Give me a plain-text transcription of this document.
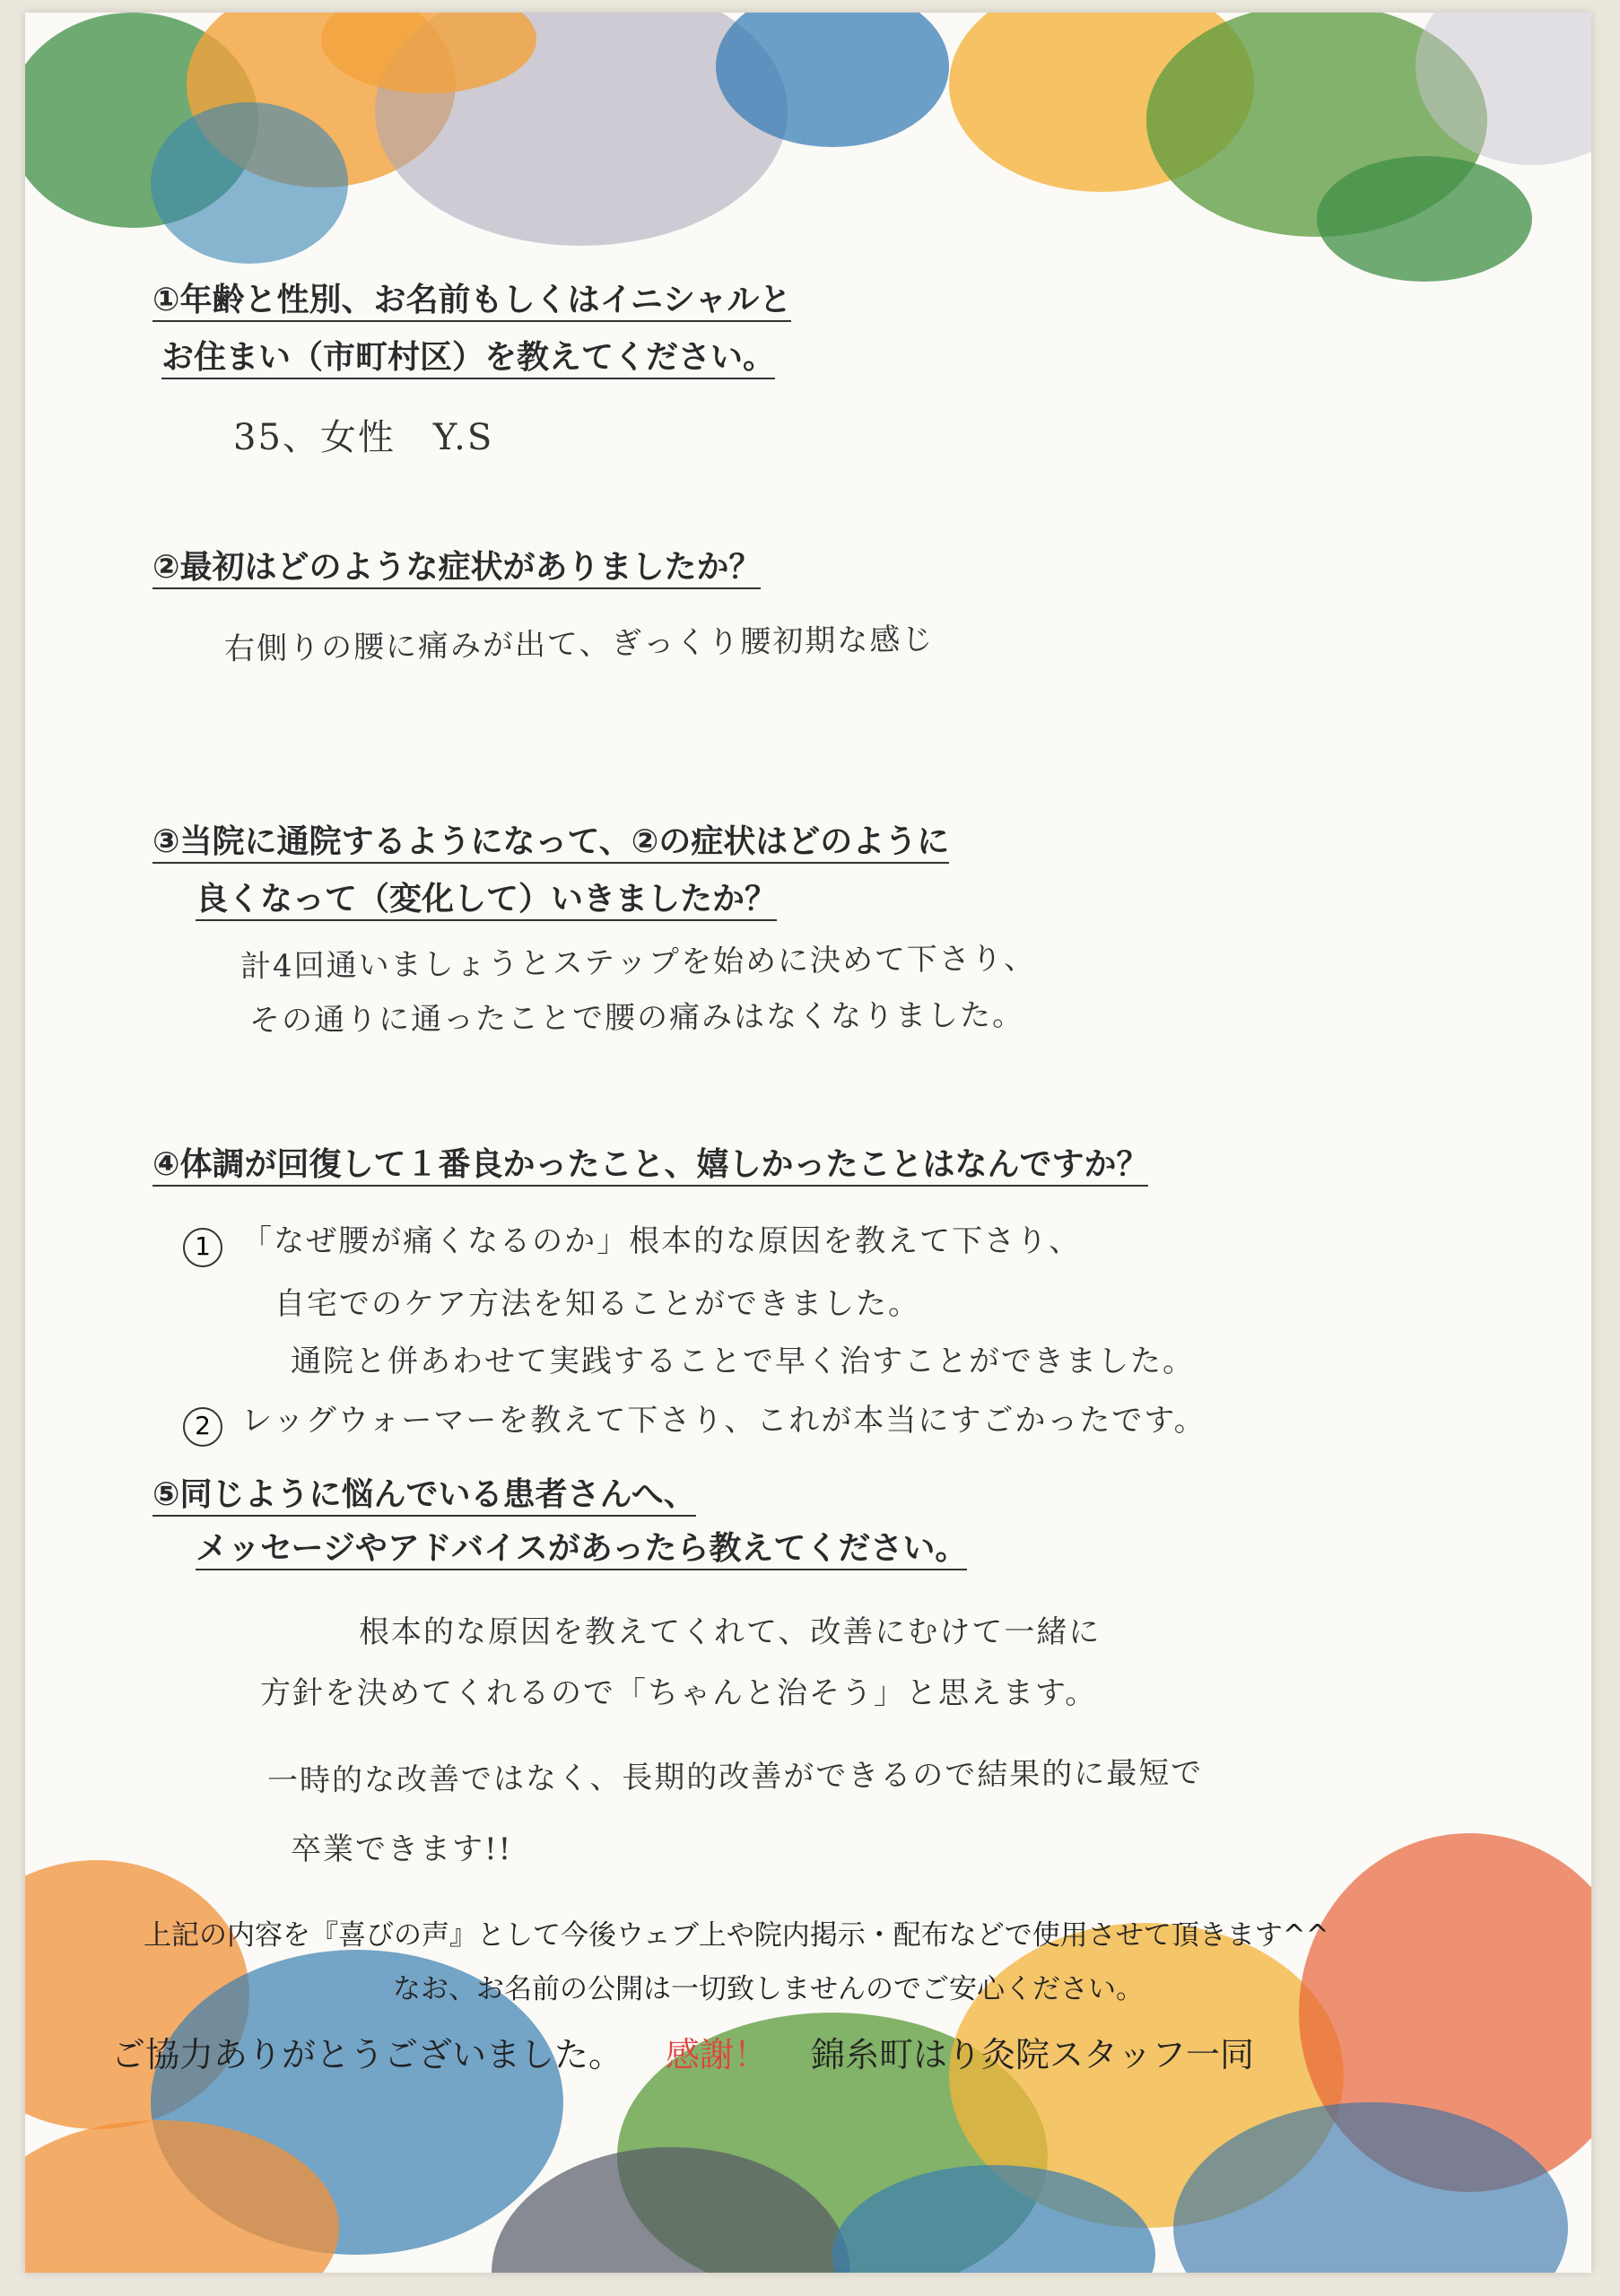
①年齢と性別、お名前もしくはイニシャルと

お住まい（市町村区）を教えてください。

35、女性　Y.S

②最初はどのような症状がありましたか？

右側りの腰に痛みが出て、ぎっくり腰初期な感じ

③当院に通院するようになって、②の症状はどのように

良くなって（変化して）いきましたか？

計4回通いましょうとステップを始めに決めて下さり、

その通りに通ったことで腰の痛みはなくなりました。

④体調が回復して１番良かったこと、嬉しかったことはなんですか？

1 「なぜ腰が痛くなるのか」根本的な原因を教えて下さり、

自宅でのケア方法を知ることができました。

通院と併あわせて実践することで早く治すことができました。

2 レッグウォーマーを教えて下さり、これが本当にすごかったです。

⑤同じように悩んでいる患者さんへ、

メッセージやアドバイスがあったら教えてください。

根本的な原因を教えてくれて、改善にむけて一緒に

方針を決めてくれるので「ちゃんと治そう」と思えます。

一時的な改善ではなく、長期的改善ができるので結果的に最短で

卒業できます!!

上記の内容を『喜びの声』として今後ウェブ上や院内掲示・配布などで使用させて頂きます^^

なお、お名前の公開は一切致しませんのでご安心ください。

ご協力ありがとうございました。 感謝！ 錦糸町はり灸院スタッフ一同
